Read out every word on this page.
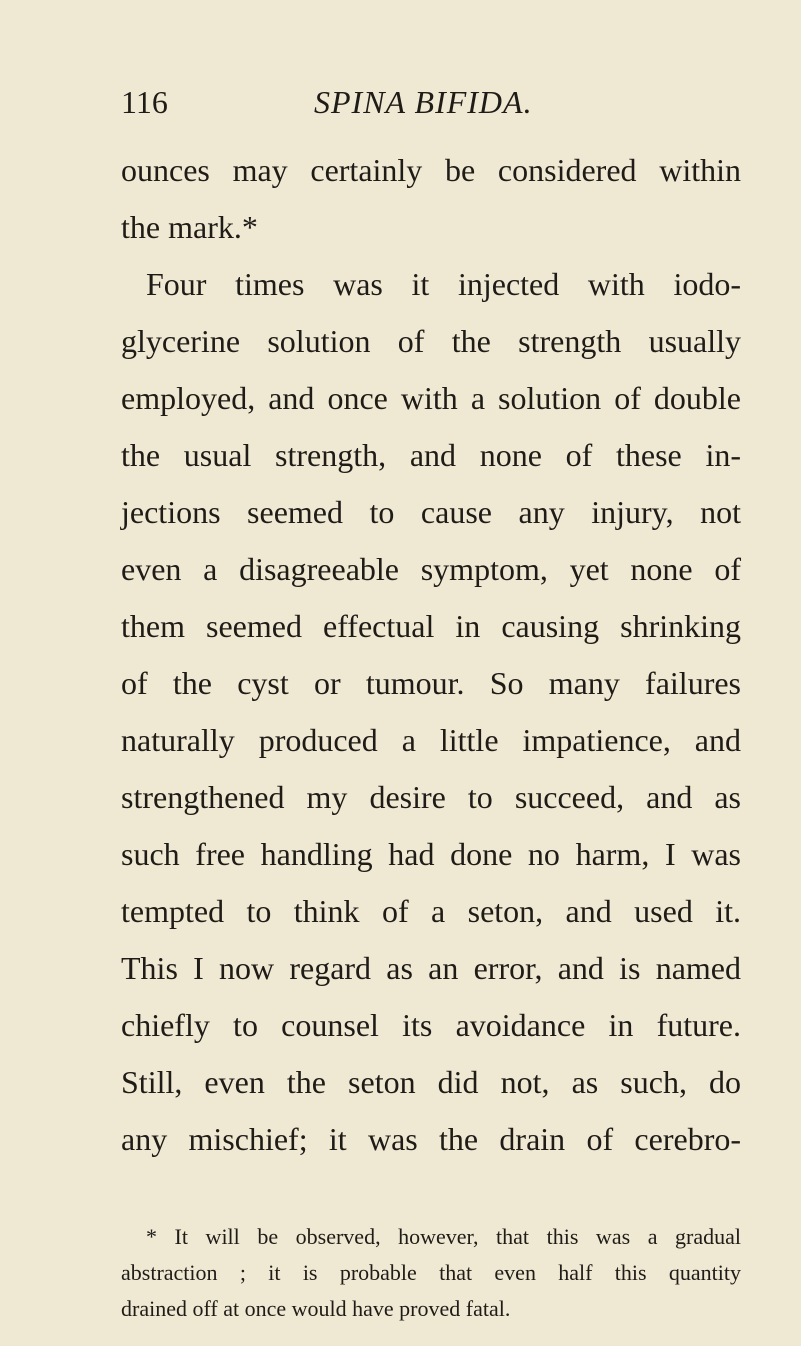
116	SPINA BIFIDA.
ounces may certainly be considered within
the mark.*
Four times was it injected with iodo-
glycerine solution of the strength usually
employed, and once with a solution of double
the usual strength, and none of these in-
jections seemed to cause any injury, not
even a disagreeable symptom, yet none of
them seemed effectual in causing shrinking
of the cyst or tumour. So many failures
naturally produced a little impatience, and
strengthened my desire to succeed, and as
such free handling had done no harm, I was
tempted to think of a seton, and used it.
This I now regard as an error, and is named
chiefly to counsel its avoidance in future.
Still, even the seton did not, as such, do
any mischief; it was the drain of cerebro-
* It will be observed, however, that this was a gradual
abstraction ; it is probable that even half this quantity
drained off at once would have proved fatal.
